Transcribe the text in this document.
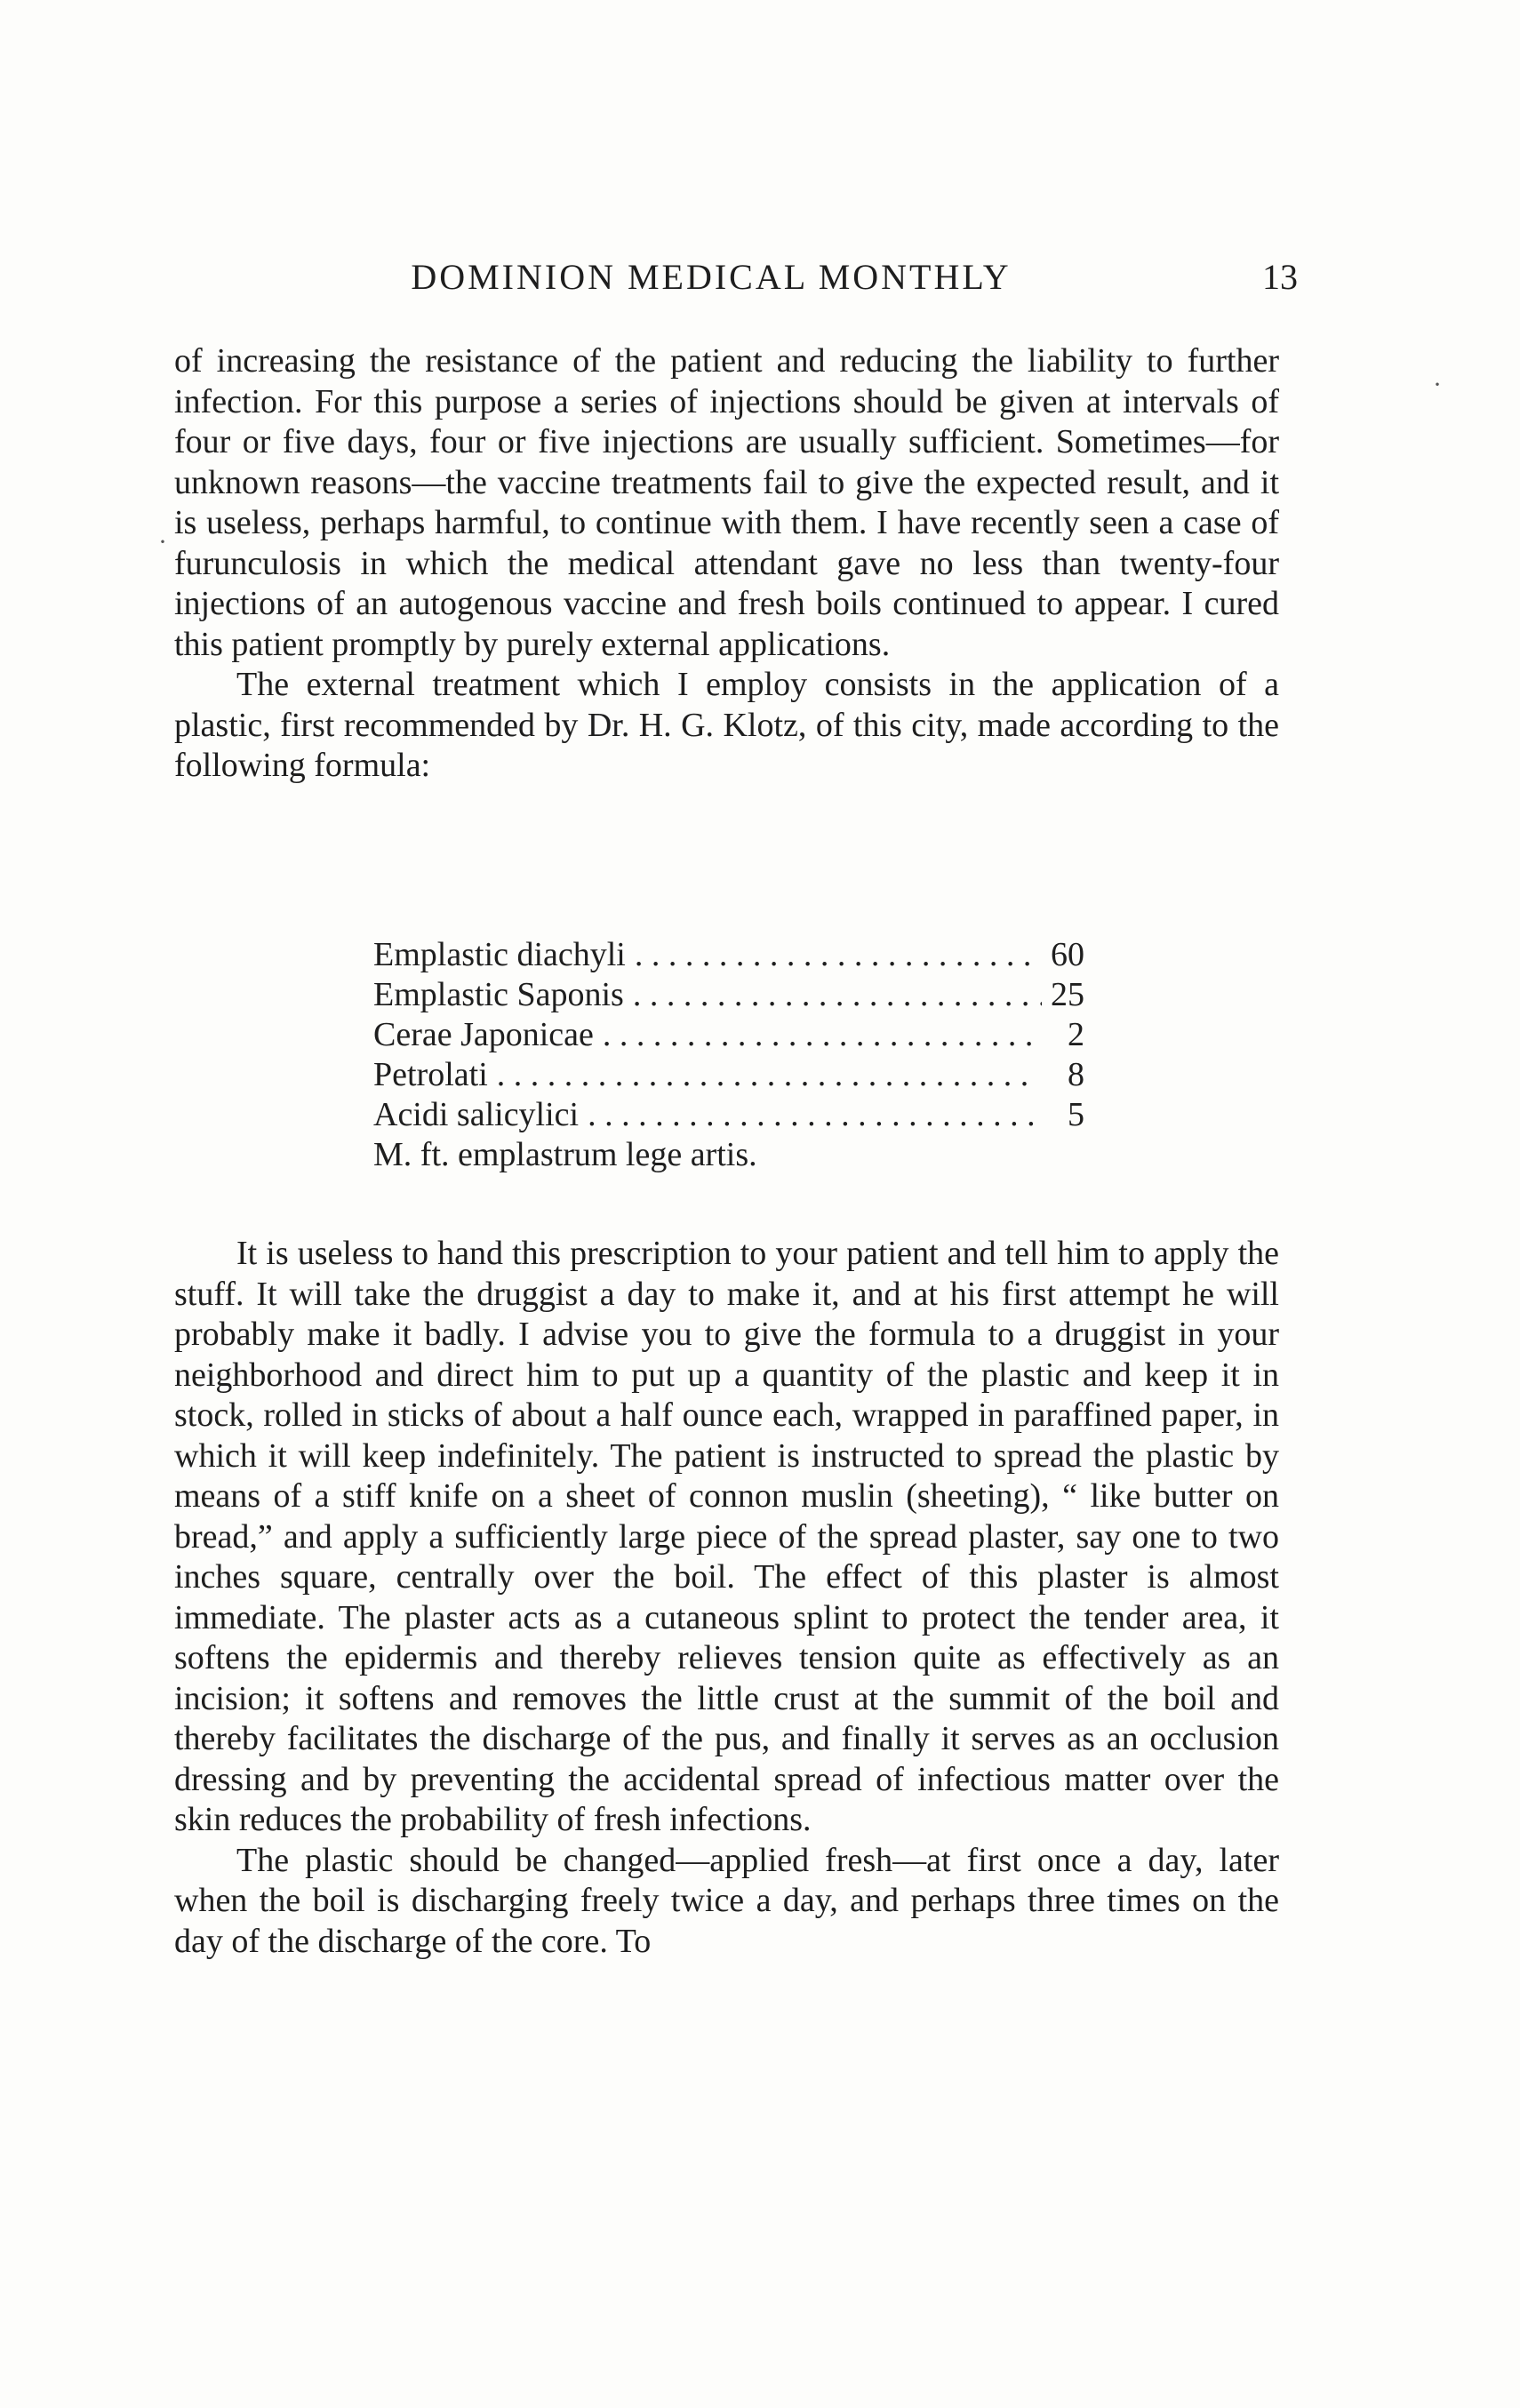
DOMINION MEDICAL MONTHLY	13
·
·

of increasing the resistance of the patient and reducing the liability to further infection. For this purpose a series of injections should be given at intervals of four or five days, four or five injections are usually sufficient. Sometimes—for unknown reasons—the vaccine treatments fail to give the expected result, and it is useless, perhaps harmful, to continue with them. I have recently seen a case of furunculosis in which the medical attendant gave no less than twenty-four injections of an autogenous vaccine and fresh boils continued to appear. I cured this patient promptly by purely external applications.

The external treatment which I employ consists in the application of a plastic, first recommended by Dr. H. G. Klotz, of this city, made according to the following formula:

Emplastic diachyli . . .	60
Emplastic Saponis . . .	25
Cerae Japonicae . . .	2
Petrolati . . .	8
Acidi salicylici . . .	5
M. ft. emplastrum lege artis.

It is useless to hand this prescription to your patient and tell him to apply the stuff. It will take the druggist a day to make it, and at his first attempt he will probably make it badly. I advise you to give the formula to a druggist in your neighborhood and direct him to put up a quantity of the plastic and keep it in stock, rolled in sticks of about a half ounce each, wrapped in paraffined paper, in which it will keep indefinitely. The patient is instructed to spread the plastic by means of a stiff knife on a sheet of connon muslin (sheeting), “ like butter on bread,” and apply a sufficiently large piece of the spread plaster, say one to two inches square, centrally over the boil. The effect of this plaster is almost immediate. The plaster acts as a cutaneous splint to protect the tender area, it softens the epidermis and thereby relieves tension quite as effectively as an incision; it softens and removes the little crust at the summit of the boil and thereby facilitates the discharge of the pus, and finally it serves as an occlusion dressing and by preventing the accidental spread of infectious matter over the skin reduces the probability of fresh infections.

The plastic should be changed—applied fresh—at first once a day, later when the boil is discharging freely twice a day, and perhaps three times on the day of the discharge of the core. To
